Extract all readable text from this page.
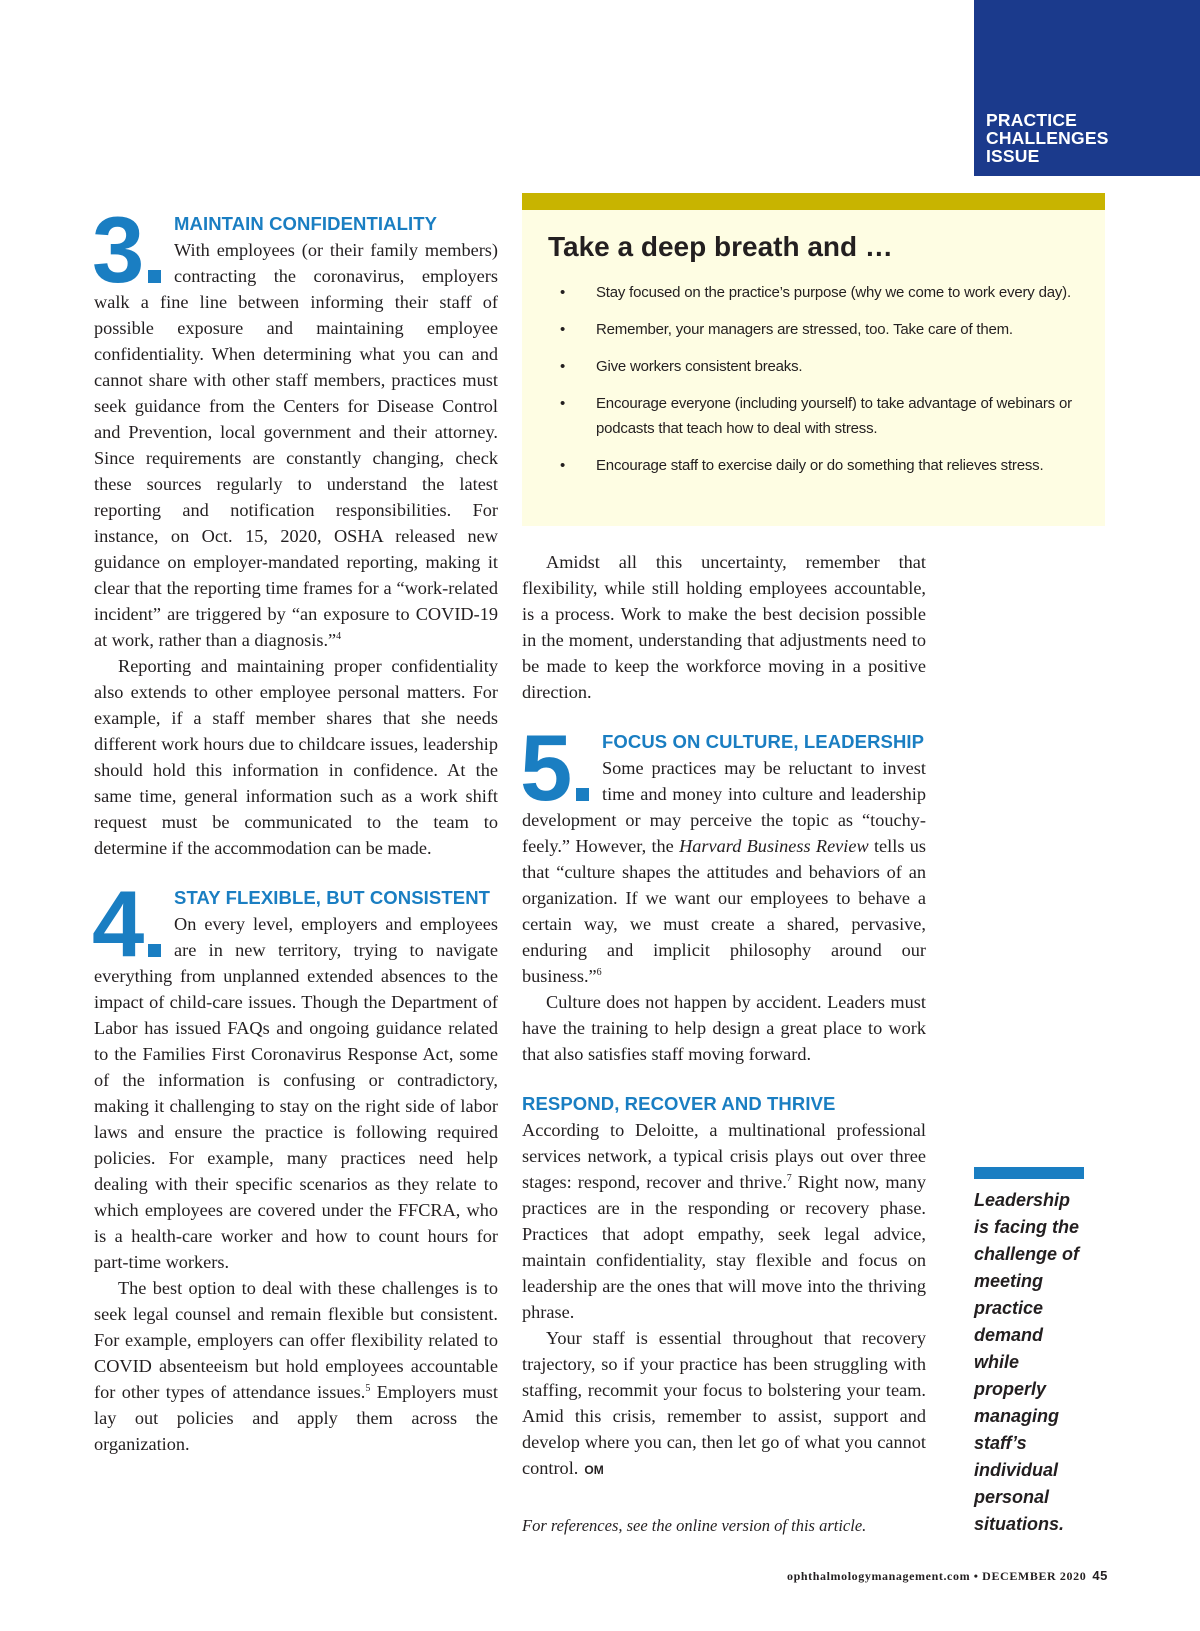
PRACTICE
CHALLENGES
ISSUE
3	MAINTAIN CONFIDENTIALITY

With employees (or their family members) contracting the coronavirus, employers walk a fine line between informing their staff of possible exposure and maintaining employee confidentiality. When determining what you can and cannot share with other staff members, practices must seek guidance from the Centers for Disease Control and Prevention, local government and their attorney. Since requirements are constantly changing, check these sources regularly to understand the latest reporting and notification responsibilities. For instance, on Oct. 15, 2020, OSHA released new guidance on employer-mandated reporting, making it clear that the reporting time frames for a “work-related incident” are triggered by “an exposure to COVID-19 at work, rather than a diagnosis.”$^4$

Reporting and maintaining proper confidentiality also extends to other employee personal matters. For example, if a staff member shares that she needs different work hours due to childcare issues, leadership should hold this information in confidence. At the same time, general information such as a work shift request must be communicated to the team to determine if the accommodation can be made.

4	STAY FLEXIBLE, BUT CONSISTENT

On every level, employers and employees are in new territory, trying to navigate everything from unplanned extended absences to the impact of child-care issues. Though the Department of Labor has issued FAQs and ongoing guidance related to the Families First Coronavirus Response Act, some of the information is confusing or contradictory, making it challenging to stay on the right side of labor laws and ensure the practice is following required policies. For example, many practices need help dealing with their specific scenarios as they relate to which employees are covered under the FFCRA, who is a health-care worker and how to count hours for part-time workers.

The best option to deal with these challenges is to seek legal counsel and remain flexible but consistent. For example, employers can offer flexibility related to COVID absenteeism but hold employees accountable for other types of attendance issues.$^5$ Employers must lay out policies and apply them across the organization.

Take a deep breath and …
• Stay focused on the practice’s purpose (why we come to work every day).
• Remember, your managers are stressed, too. Take care of them.
• Give workers consistent breaks.
• Encourage everyone (including yourself) to take advantage of webinars or podcasts that teach how to deal with stress.
• Encourage staff to exercise daily or do something that relieves stress.

Amidst all this uncertainty, remember that flexibility, while still holding employees accountable, is a process. Work to make the best decision possible in the moment, understanding that adjustments need to be made to keep the workforce moving in a positive direction.

5	FOCUS ON CULTURE, LEADERSHIP

Some practices may be reluctant to invest time and money into culture and leadership development or may perceive the topic as “touchy-feely.” However, the Harvard Business Review tells us that “culture shapes the attitudes and behaviors of an organization. If we want our employees to behave a certain way, we must create a shared, pervasive, enduring and implicit philosophy around our business.”$^6$

Culture does not happen by accident. Leaders must have the training to help design a great place to work that also satisfies staff moving forward.

RESPOND, RECOVER AND THRIVE

According to Deloitte, a multinational professional services network, a typical crisis plays out over three stages: respond, recover and thrive.$^7$ Right now, many practices are in the responding or recovery phase. Practices that adopt empathy, seek legal advice, maintain confidentiality, stay flexible and focus on leadership are the ones that will move into the thriving phrase.

Your staff is essential throughout that recovery trajectory, so if your practice has been struggling with staffing, recommit your focus to bolstering your team. Amid this crisis, remember to assist, support and develop where you can, then let go of what you cannot control. OM

For references, see the online version of this article.
Leadership is facing the challenge of meeting practice demand while properly managing staff’s individual personal situations.
ophthalmologymanagement.com • DECEMBER 2020 45
